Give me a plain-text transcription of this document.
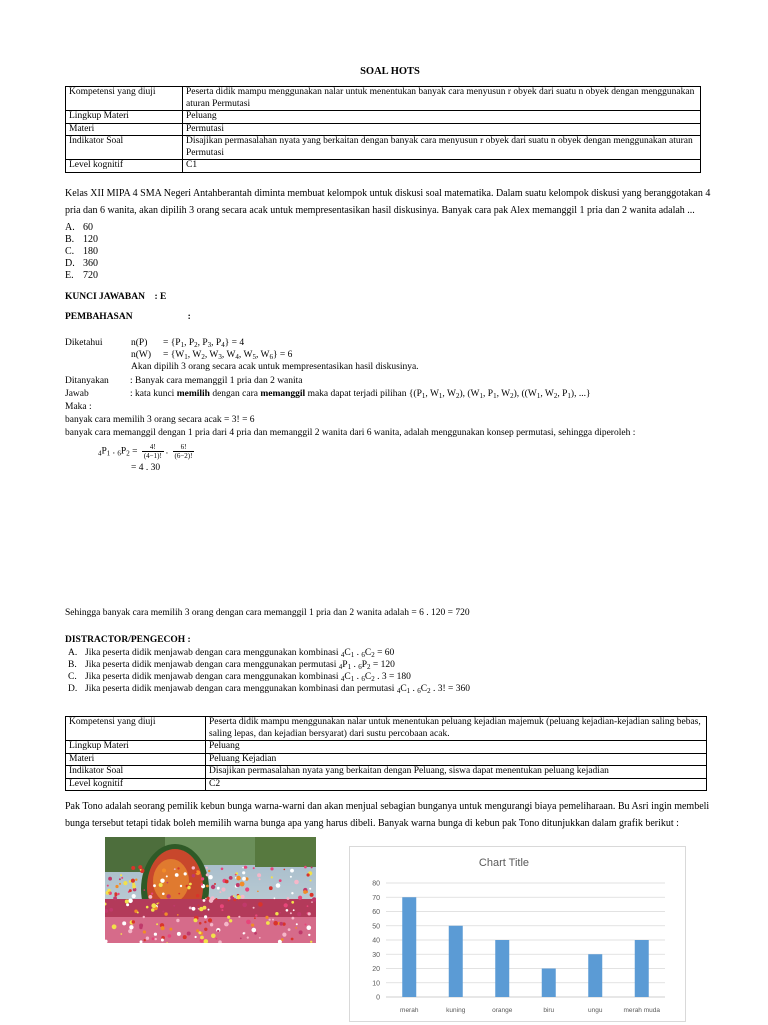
SOAL HOTS
Kompetensi yang diuji	Peserta didik mampu menggunakan nalar untuk menentukan banyak cara menyusun r obyek dari suatu n obyek dengan menggunakan aturan Permutasi
Lingkup Materi	Peluang
Materi	Permutasi
Indikator Soal	Disajikan permasalahan nyata yang berkaitan dengan banyak cara menyusun r obyek dari suatu n obyek dengan menggunakan aturan Permutasi
Level kognitif	C1
Kelas XII MIPA 4 SMA Negeri Antahberantah diminta membuat kelompok untuk diskusi soal matematika. Dalam suatu kelompok diskusi yang beranggotakan 4 pria dan 6 wanita, akan dipilih 3 orang secara acak untuk mempresentasikan hasil diskusinya. Banyak cara pak Alex memanggil 1 pria dan 2 wanita adalah ...
A. 60
B. 120
C. 180
D. 360
E. 720
KUNCI JAWABAN    : E
PEMBAHASAN	:
Diketahui	$n(P) = \{P_1$, $P_2$, $P_3$, $P_4\} = 4$
$n(W) = \{W_1$, $W_2$, $W_3$, $W_4$, $W_5$, $W_6\} = 6$
Akan dipilih 3 orang secara acak untuk mempresentasikan hasil diskusinya.
Ditanyakan : Banyak cara memanggil 1 pria dan 2 wanita
Jawab	: kata kunci memilih dengan cara memanggil maka dapat terjadi pilihan {($P_1$, $W_1$, $W_2$), ($W_1$, $P_1$, $W_2$), (($W_1$, $W_2$, $P_1$), ...}
Maka :
banyak cara memilih 3 orang secara acak = 3! = 6
banyak cara memanggil dengan 1 pria dari 4 pria dan memanggil 2 wanita dari 6 wanita, adalah menggunakan konsep permutasi, sehingga diperoleh :
$_4P_1$ . $_6P_2 = \frac{4!}{(4-1)!}$ . $\frac{6!}{(6-2)!}$
= 4 . 30
Sehingga banyak cara memilih 3 orang dengan cara memanggil 1 pria dan 2 wanita adalah = 6 . 120 = 720
DISTRACTOR/PENGECOH :
A. Jika peserta didik menjawab dengan cara menggunakan kombinasi $_4C_1$ . $_6C_2 = 60$
B. Jika peserta didik menjawab dengan cara menggunakan permutasi $_4P_1$ . $_6P_2 = 120$
C. Jika peserta didik menjawab dengan cara menggunakan kombinasi $_4C_1$ . $_6C_2$ . 3 = 180
D. Jika peserta didik menjawab dengan cara menggunakan kombinasi dan permutasi $_4C_1$ . $_6C_2$ . 3! = 360
Kompetensi yang diuji	Peserta didik mampu menggunakan nalar untuk menentukan peluang kejadian majemuk (peluang kejadian-kejadian saling bebas, saling lepas, dan kejadian bersyarat) dari sustu percobaan acak.
Lingkup Materi	Peluang
Materi	Peluang Kejadian
Indikator Soal	Disajikan permasalahan nyata yang berkaitan dengan Peluang, siswa dapat menentukan peluang kejadian
Level kognitif	C2
Pak Tono adalah seorang pemilik kebun bunga warna-warni dan akan menjual sebagian bunganya untuk mengurangi biaya pemeliharaan. Bu Asri ingin membeli bunga tersebut tetapi tidak boleh memilih warna bunga apa yang harus dibeli. Banyak warna bunga di kebun pak Tono ditunjukkan dalam grafik berikut :
Chart Title
0
10
20
30
40
50
60
70
80
merah	kuning	orange	biru	ungu	merah muda
